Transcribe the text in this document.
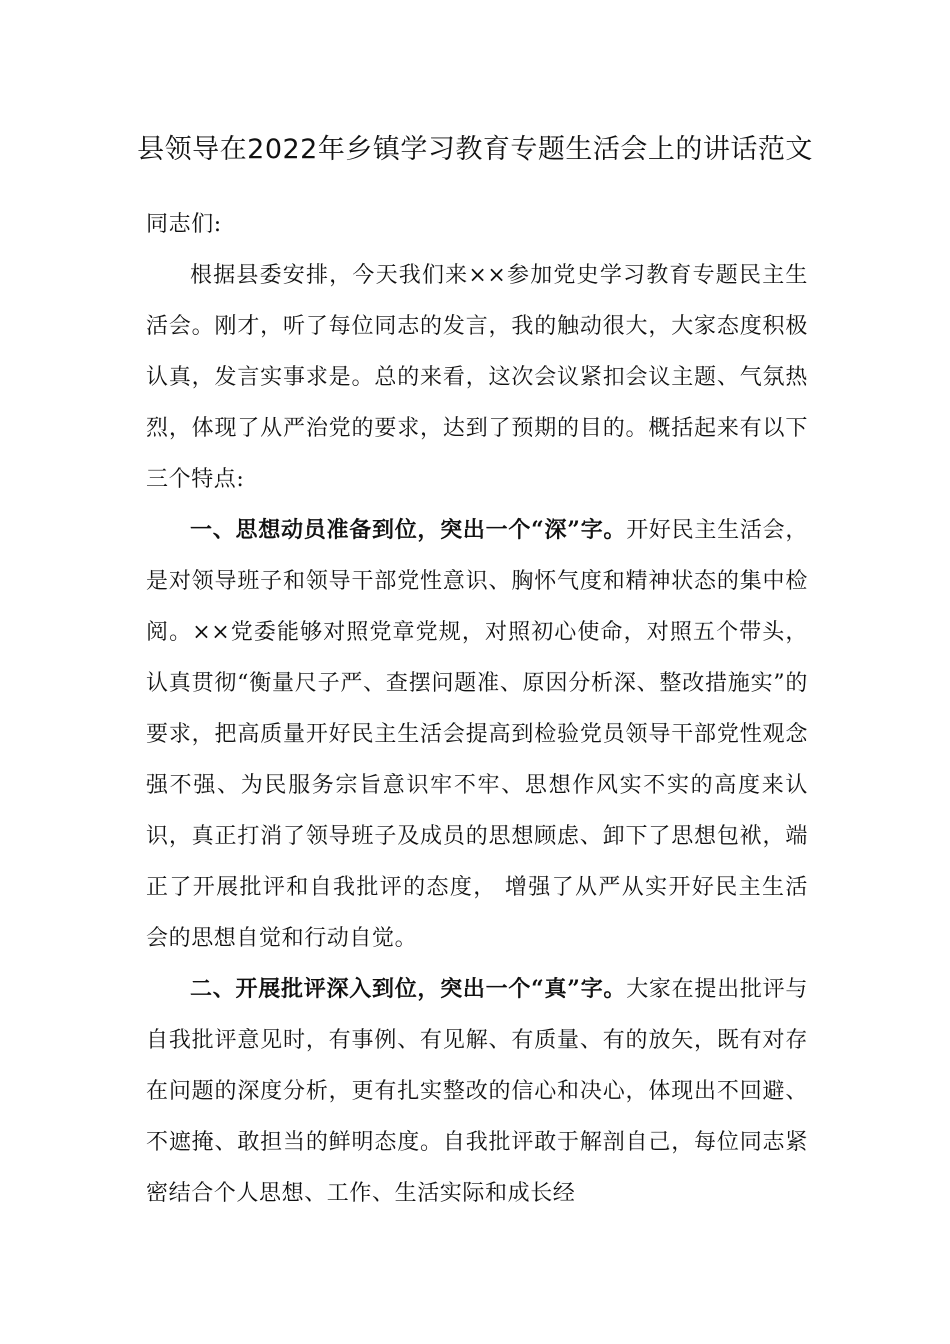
县领导在2022年乡镇学习教育专题生活会上的讲话范文

同志们:

根据县委安排，今天我们来××参加党史学习教育专题民主生活会。刚才，听了每位同志的发言，我的触动很大，大家态度积极认真，发言实事求是。总的来看，这次会议紧扣会议主题、气氛热烈，体现了从严治党的要求，达到了预期的目的。概括起来有以下三个特点:

一、思想动员准备到位，突出一个“深”字。开好民主生活会，是对领导班子和领导干部党性意识、胸怀气度和精神状态的集中检阅。××党委能够对照党章党规，对照初心使命，对照五个带头，认真贯彻“衡量尺子严、查摆问题准、原因分析深、整改措施实”的要求，把高质量开好民主生活会提高到检验党员领导干部党性观念强不强、为民服务宗旨意识牢不牢、思想作风实不实的高度来认识，真正打消了领导班子及成员的思想顾虑、卸下了思想包袱，端正了开展批评和自我批评的态度， 增强了从严从实开好民主生活会的思想自觉和行动自觉。

二、开展批评深入到位，突出一个“真”字。大家在提出批评与自我批评意见时，有事例、有见解、有质量、有的放矢，既有对存在问题的深度分析，更有扎实整改的信心和决心，体现出不回避、不遮掩、敢担当的鲜明态度。自我批评敢于解剖自己，每位同志紧密结合个人思想、工作、生活实际和成长经
